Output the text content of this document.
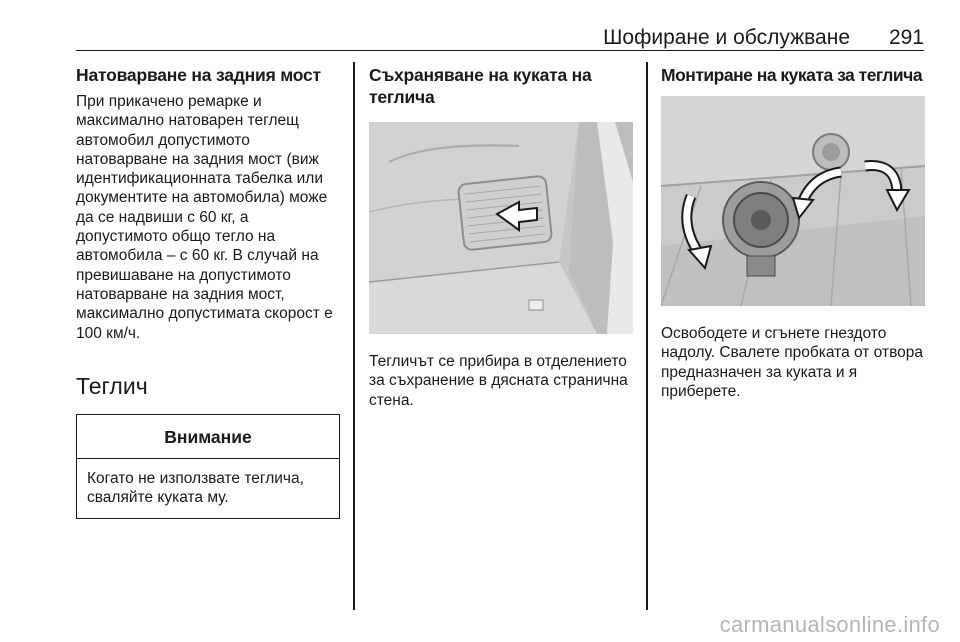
Шофиране и обслужване 291
Натоварване на задния мост

При прикачено ремарке и максимално натоварен теглещ автомобил допустимото натоварване на задния мост (виж идентификационната табелка или документите на автомобила) може да се надвиши с 60 кг, а допустимото общо тегло на автомобила – с 60 кг. В случай на превишаване на допустимото натоварване на задния мост, максимално допустимата скорост е 100 км/ч.

Теглич
Внимание
Когато не използвате теглича, сваляйте куката му.
Съхраняване на куката на теглича

Тегличът се прибира в отделението за съхранение в дясната странична стена.

Монтиране на куката за теглича

Освободете и сгънете гнездото надолу. Свалете пробката от отвора предназначен за куката и я приберете.

carmanualsonline.info
